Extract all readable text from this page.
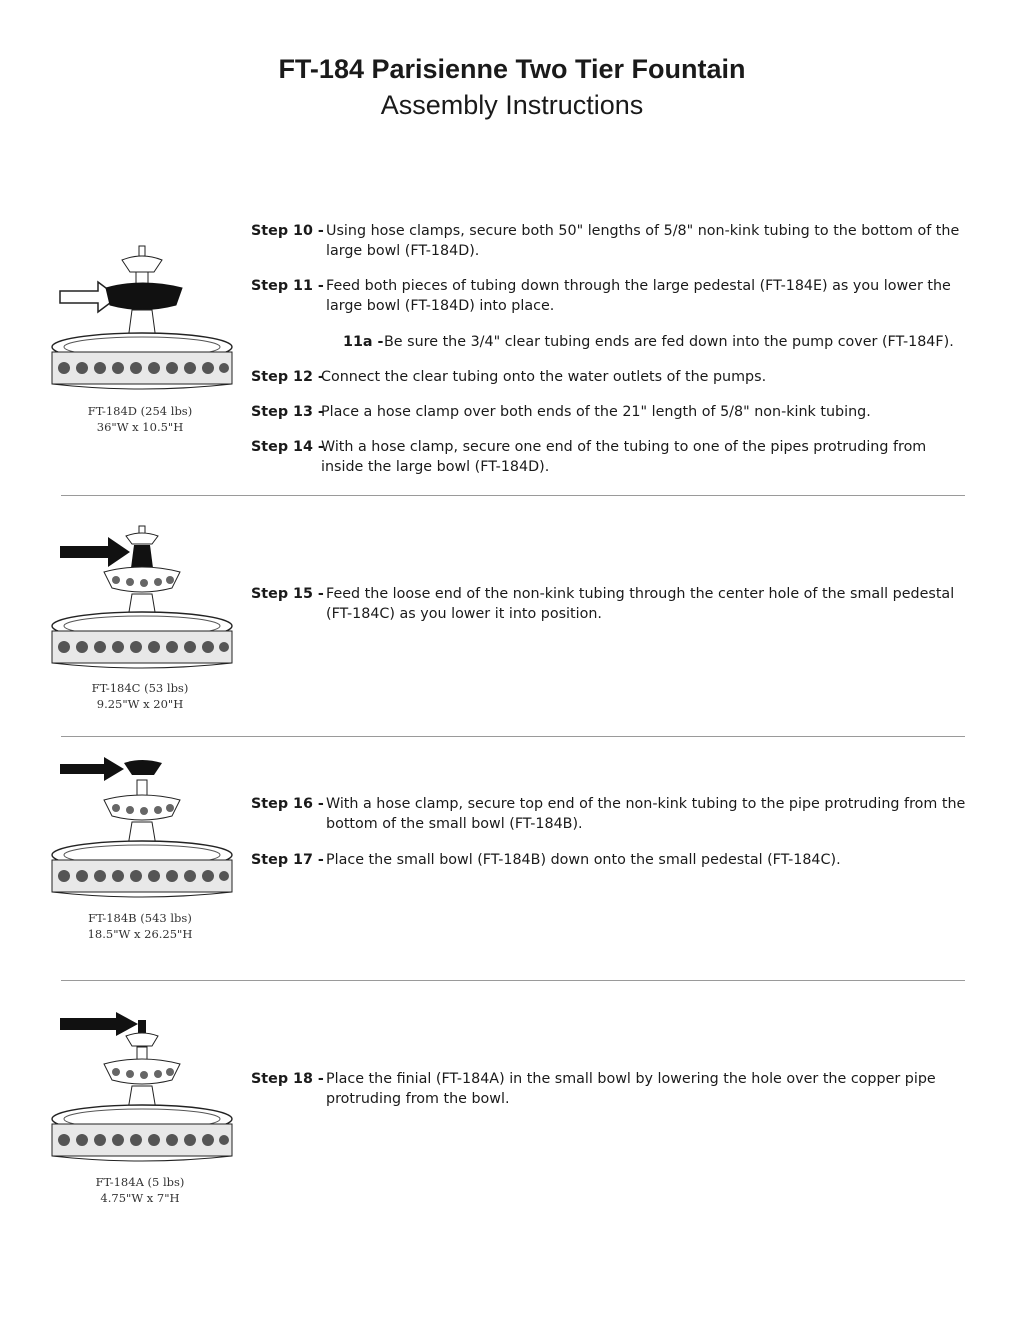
FT-184 Parisienne Two Tier Fountain
Assembly Instructions
FT-184D (254 lbs)
36"W x 10.5"H
Step 10 - Using hose clamps, secure both 50" lengths of 5/8" non-kink tubing to the bottom of the large bowl (FT-184D).
Step 11 - Feed both pieces of tubing down through the large pedestal (FT-184E) as you lower the large bowl (FT-184D) into place.
11a - Be sure the 3/4" clear tubing ends are fed down into the pump cover (FT-184F).
Step 12 -
Connect the clear tubing onto the water outlets of the pumps.
Step 13 -
Place a hose clamp over both ends of the 21" length of 5/8" non-kink tubing.
Step 14 -
With a hose clamp, secure one end of the tubing to one of the pipes protruding from inside the large bowl (FT-184D).
FT-184C (53 lbs)
9.25"W x 20"H
Step 15 - Feed the loose end of the non-kink tubing through the center hole of the small pedestal (FT-184C) as you lower it into position.
FT-184B (543 lbs)
18.5"W x 26.25"H
Step 16 - With a hose clamp, secure top end of the non-kink tubing to the pipe protruding from the bottom of the small bowl (FT-184B).
Step 17 - Place the small bowl (FT-184B) down onto the small pedestal (FT-184C).
FT-184A (5 lbs)
4.75"W x 7"H
Step 18 - Place the finial (FT-184A) in the small bowl by lowering the hole over the copper pipe protruding from the bowl.
